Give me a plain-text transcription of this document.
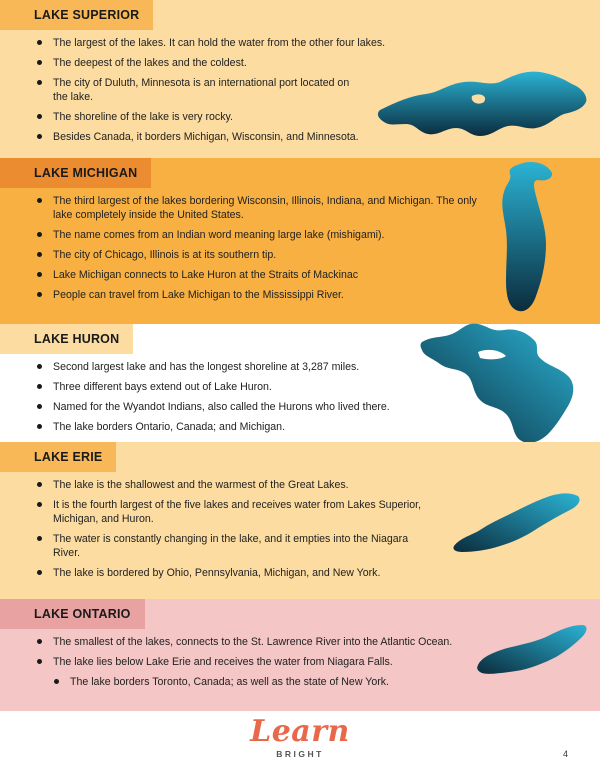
LAKE SUPERIOR
The largest of the lakes. It can hold the water from the other four lakes.
The deepest of the lakes and the coldest.
The city of Duluth, Minnesota is an international port located on the lake.
The shoreline of the lake is very rocky.
Besides Canada, it borders Michigan, Wisconsin, and Minnesota.
LAKE MICHIGAN
The third largest of the lakes bordering Wisconsin, Illinois, Indiana, and Michigan. The only lake completely inside the United States.
The name comes from an Indian word meaning large lake (mishigami).
The city of Chicago, Illinois is at its southern tip.
Lake Michigan connects to Lake Huron at the Straits of Mackinac
People can travel from Lake Michigan to the Mississippi River.
LAKE HURON
Second largest lake and has the longest shoreline at 3,287 miles.
Three different bays extend out of Lake Huron.
Named for the Wyandot Indians, also called the Hurons who lived there.
The lake borders Ontario, Canada; and Michigan.
LAKE ERIE
The lake is the shallowest and the warmest of the Great Lakes.
It is the fourth largest of the five lakes and receives water from Lakes Superior, Michigan, and Huron.
The water is constantly changing in the lake, and it empties into the Niagara River.
The lake is bordered by Ohio, Pennsylvania, Michigan, and New York.
LAKE ONTARIO
The smallest of the lakes, connects to the St. Lawrence River into the Atlantic Ocean.
The lake lies below Lake Erie and receives the water from Niagara Falls.
The lake borders Toronto, Canada; as well as the state of New York.
Learn
BRIGHT	4
